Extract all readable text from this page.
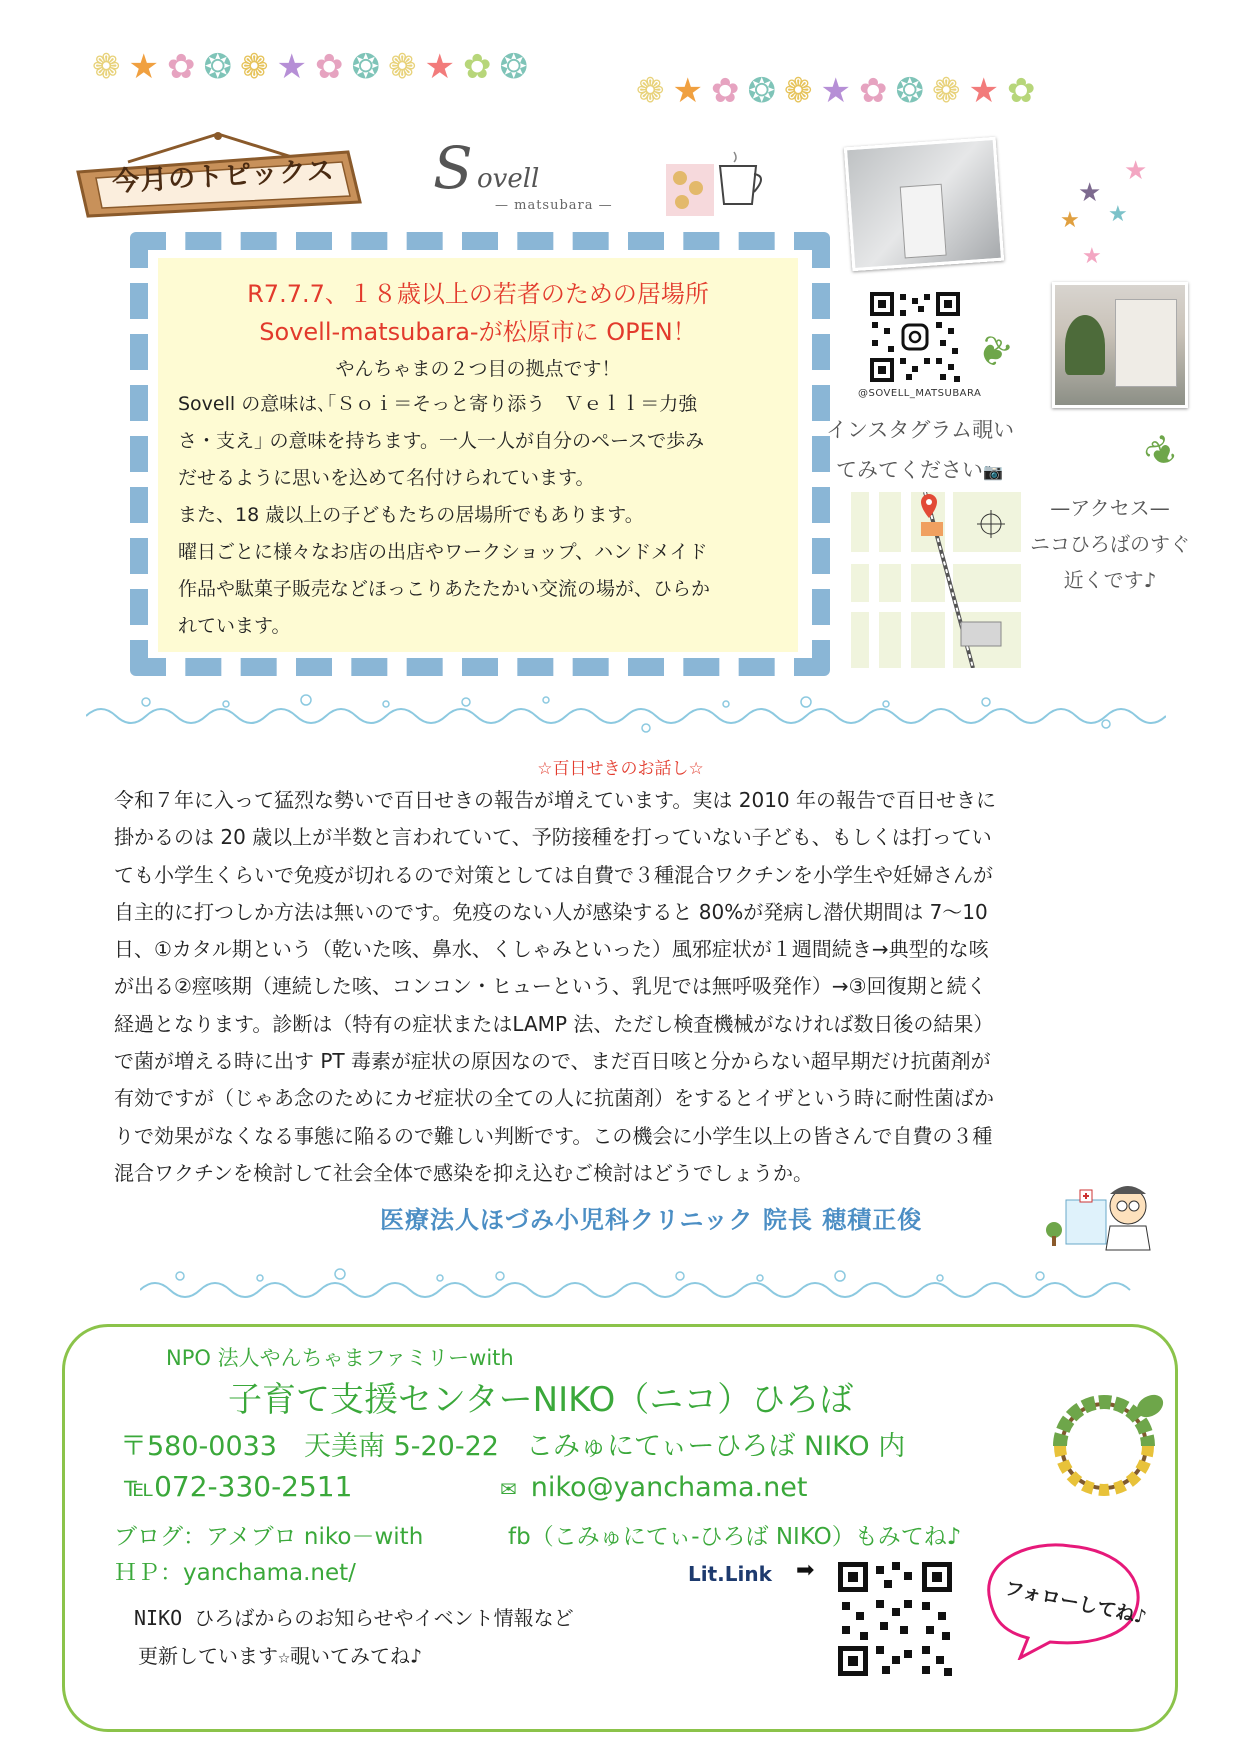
❁ ★ ✿ ❂ ❁ ★ ✿ ❂ ❁ ★ ✿ ❂
❁ ★ ✿ ❂ ❁ ★ ✿ ❂ ❁ ★ ✿
今月のトピックス S ovell
— matsubara —
R7.7.7、１８歳以上の若者のための居場所
Sovell-matsubara-が松原市に OPEN！
やんちゃまの２つ目の拠点です！
Sovell の意味は､｢Ｓｏｉ＝そっと寄り添う　Ｖｅｌｌ＝力強
さ・支え｣ の意味を持ちます。一人一人が自分のペースで歩み
だせるように思いを込めて名付けられています。
また、18 歳以上の子どもたちの居場所でもあります。
曜日ごとに様々なお店の出店やワークショップ、ハンドメイド
作品や駄菓子販売などほっこりあたたかい交流の場が、ひらか
れています。
★
★
★ ★
★
@SOVELL_MATSUBARA
❦
❦
インスタグラム覗い
てみてください📷
—アクセス—
ニコひろばのすぐ
近くです♪
☆百日せきのお話し☆
令和７年に入って猛烈な勢いで百日せきの報告が増えています。実は 2010 年の報告で百日せきに
掛かるのは 20 歳以上が半数と言われていて、予防接種を打っていない子ども、もしくは打ってい
ても小学生くらいで免疫が切れるので対策としては自費で３種混合ワクチンを小学生や妊婦さんが
自主的に打つしか方法は無いのです。免疫のない人が感染すると 80%が発病し潜伏期間は 7～10
日、①カタル期という（乾いた咳、鼻水、くしゃみといった）風邪症状が１週間続き→典型的な咳
が出る②痙咳期（連続した咳、コンコン・ヒューという、乳児では無呼吸発作）→③回復期と続く
経過となります。診断は（特有の症状またはLAMP 法、ただし検査機械がなければ数日後の結果）
で菌が増える時に出す PT 毒素が症状の原因なので、まだ百日咳と分からない超早期だけ抗菌剤が
有効ですが（じゃあ念のためにカゼ症状の全ての人に抗菌剤）をするとイザという時に耐性菌ばか
りで効果がなくなる事態に陥るので難しい判断です。この機会に小学生以上の皆さんで自費の３種
混合ワクチンを検討して社会全体で感染を抑え込むご検討はどうでしょうか。
医療法人ほづみ小児科クリニック 院長 穂積正俊
NPO 法人やんちゃまファミリーwith
子育て支援センターNIKO（ニコ）ひろば
〒580-0033　天美南 5-20-22　こみゅにてぃーひろば NIKO 内
℡072-330-2511	✉ niko@yanchama.net
ブログ：アメブロ niko－with	fb（こみゅにてぃ-ひろば NIKO）もみてね♪
ＨＰ：yanchama.net/	Lit.Link ➡
フォローしてね♪
NIKO ひろばからのお知らせやイベント情報など
更新しています☆覗いてみてね♪
